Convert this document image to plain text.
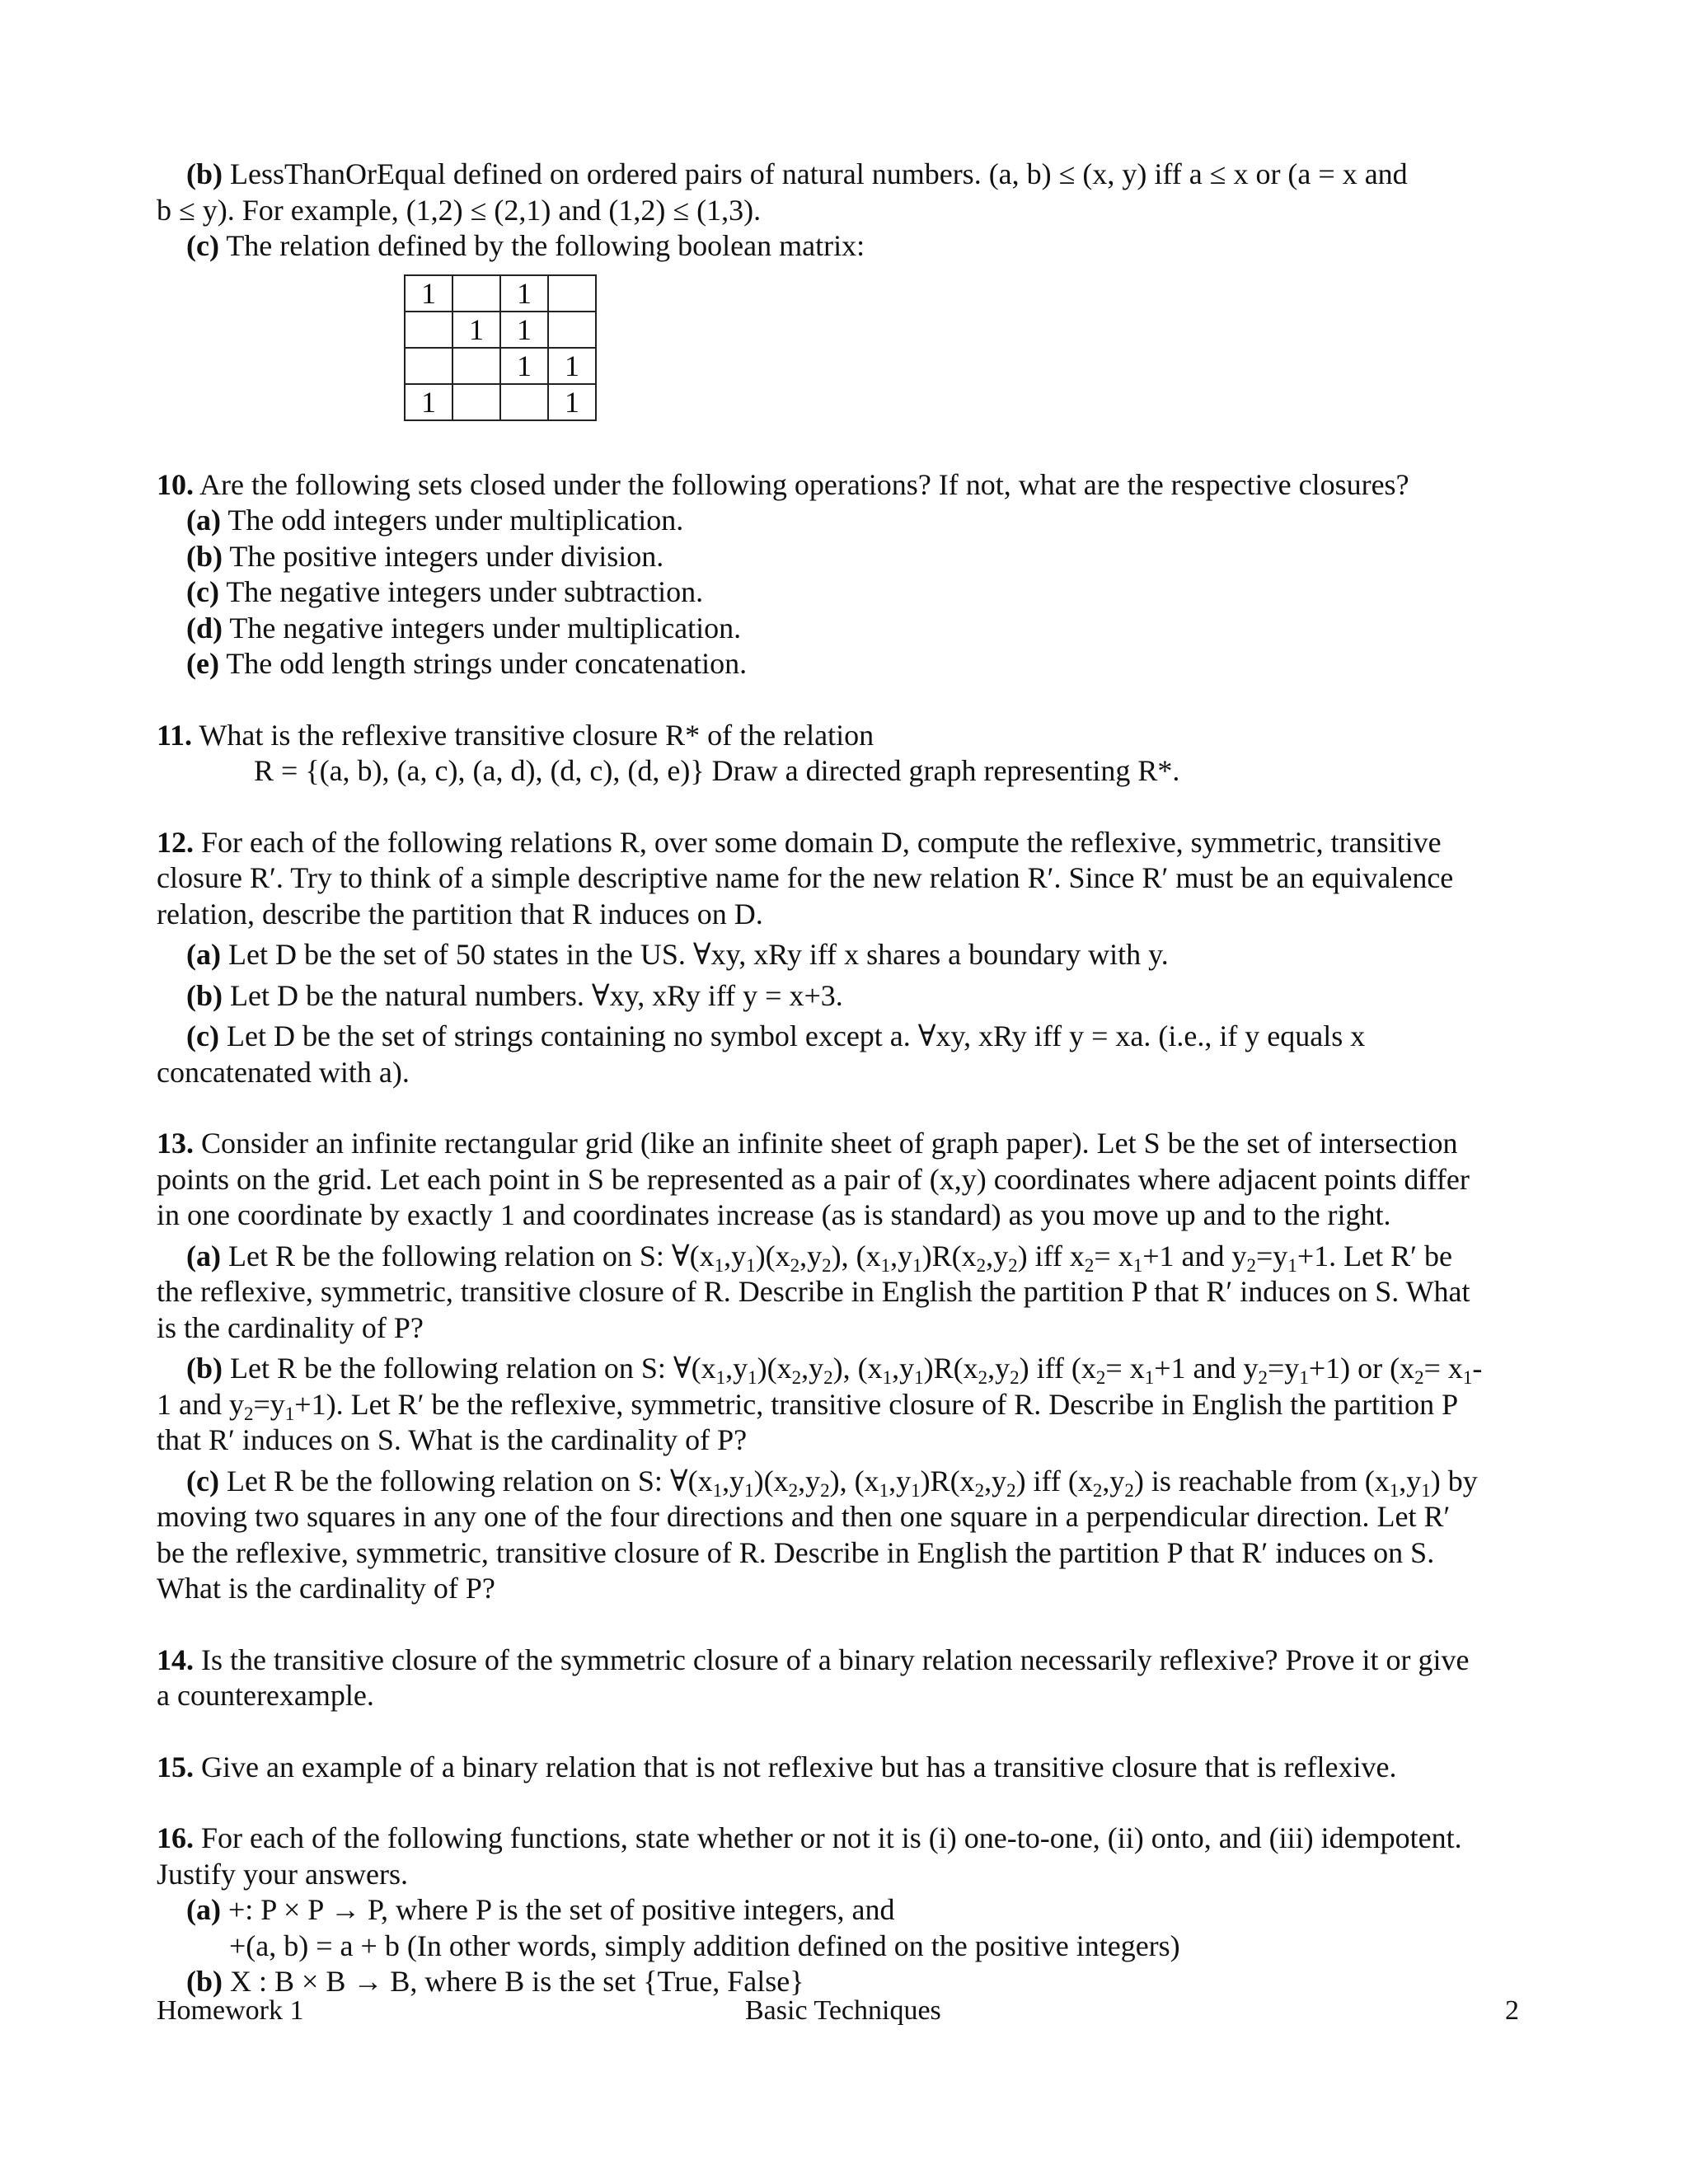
(b) LessThanOrEqual defined on ordered pairs of natural numbers. (a, b) ≤ (x, y) iff a ≤ x or (a = x and

b ≤ y). For example, (1,2) ≤ (2,1) and (1,2) ≤ (1,3).

(c) The relation defined by the following boolean matrix:

1		1	
	1	1	
		1	1
1			1

10. Are the following sets closed under the following operations? If not, what are the respective closures?

(a) The odd integers under multiplication.

(b) The positive integers under division.

(c) The negative integers under subtraction.

(d) The negative integers under multiplication.

(e) The odd length strings under concatenation.

11. What is the reflexive transitive closure R* of the relation

R = {(a, b), (a, c), (a, d), (d, c), (d, e)} Draw a directed graph representing R*.

12. For each of the following relations R, over some domain D, compute the reflexive, symmetric, transitive

closure R′. Try to think of a simple descriptive name for the new relation R′. Since R′ must be an equivalence

relation, describe the partition that R induces on D.

(a) Let D be the set of 50 states in the US. ∀xy, xRy iff x shares a boundary with y.

(b) Let D be the natural numbers. ∀xy, xRy iff y = x+3.

(c) Let D be the set of strings containing no symbol except a. ∀xy, xRy iff y = xa. (i.e., if y equals x

concatenated with a).

13. Consider an infinite rectangular grid (like an infinite sheet of graph paper). Let S be the set of intersection

points on the grid. Let each point in S be represented as a pair of (x,y) coordinates where adjacent points differ

in one coordinate by exactly 1 and coordinates increase (as is standard) as you move up and to the right.

(a) Let R be the following relation on S: $\forall(x_1,y_1)(x_2,y_2)$, $(x_1,y_1)R(x_2,y_2)$ iff $x_2= x_1+1$ and $y_2=y_1+1$. Let R′ be

the reflexive, symmetric, transitive closure of R. Describe in English the partition P that R′ induces on S. What

is the cardinality of P?

(b) Let R be the following relation on S: $\forall(x_1,y_1)(x_2,y_2)$, $(x_1,y_1)R(x_2,y_2)$ iff ($x_2= x_1+1$ and $y_2=y_1+1$) or ($x_2= x_1-$

1 and $y_2=y_1+1$). Let R′ be the reflexive, symmetric, transitive closure of R. Describe in English the partition P

that R′ induces on S. What is the cardinality of P?

(c) Let R be the following relation on S: $\forall(x_1,y_1)(x_2,y_2)$, $(x_1,y_1)R(x_2,y_2)$ iff $(x_2,y_2)$ is reachable from $(x_1,y_1)$ by

moving two squares in any one of the four directions and then one square in a perpendicular direction. Let R′

be the reflexive, symmetric, transitive closure of R. Describe in English the partition P that R′ induces on S.

What is the cardinality of P?

14. Is the transitive closure of the symmetric closure of a binary relation necessarily reflexive? Prove it or give

a counterexample.

15. Give an example of a binary relation that is not reflexive but has a transitive closure that is reflexive.

16. For each of the following functions, state whether or not it is (i) one-to-one, (ii) onto, and (iii) idempotent.

Justify your answers.

(a) +: P × P → P, where P is the set of positive integers, and

+(a, b) = a + b (In other words, simply addition defined on the positive integers)

(b) X : B × B → B, where B is the set {True, False}

Homework 1	Basic Techniques	2
